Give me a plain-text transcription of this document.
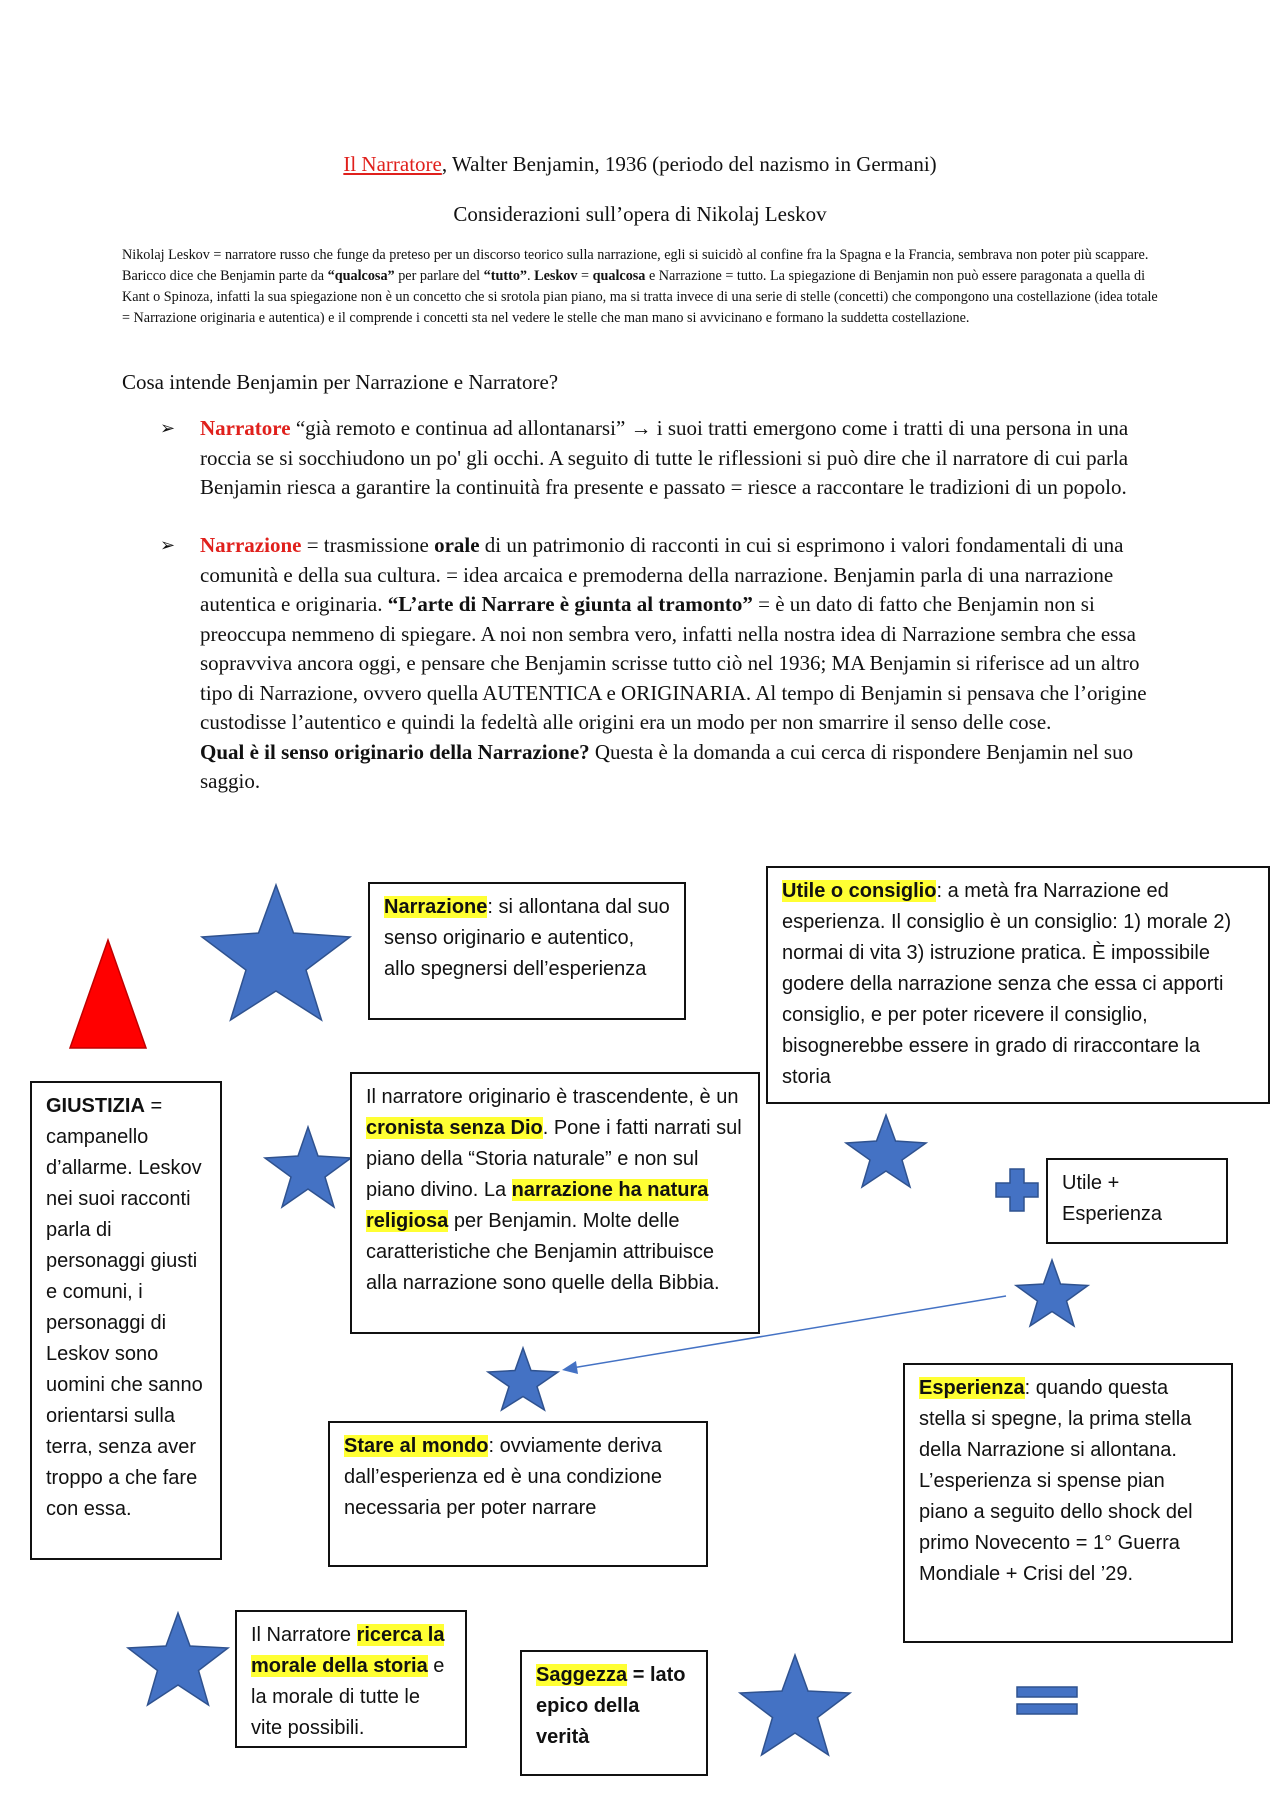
Il Narratore, Walter Benjamin, 1936 (periodo del nazismo in Germani)
Considerazioni sull’opera di Nikolaj Leskov
Nikolaj Leskov = narratore russo che funge da preteso per un discorso teorico sulla narrazione, egli si suicidò al confine fra la Spagna e la Francia, sembrava non poter più scappare. Baricco dice che Benjamin parte da “qualcosa” per parlare del “tutto”. Leskov = qualcosa e Narrazione = tutto. La spiegazione di Benjamin non può essere paragonata a quella di Kant o Spinoza, infatti la sua spiegazione non è un concetto che si srotola pian piano, ma si tratta invece di una serie di stelle (concetti) che compongono una costellazione (idea totale = Narrazione originaria e autentica) e il comprende i concetti sta nel vedere le stelle che man mano si avvicinano e formano la suddetta costellazione.
Cosa intende Benjamin per Narrazione e Narratore?
➢ Narratore “già remoto e continua ad allontanarsi” → i suoi tratti emergono come i tratti di una persona in una roccia se si socchiudono un po' gli occhi. A seguito di tutte le riflessioni si può dire che il narratore di cui parla Benjamin riesca a garantire la continuità fra presente e passato = riesce a raccontare le tradizioni di un popolo.
➢ Narrazione = trasmissione orale di un patrimonio di racconti in cui si esprimono i valori fondamentali di una comunità e della sua cultura. = idea arcaica e premoderna della narrazione. Benjamin parla di una narrazione autentica e originaria. “L’arte di Narrare è giunta al tramonto” = è un dato di fatto che Benjamin non si preoccupa nemmeno di spiegare. A noi non sembra vero, infatti nella nostra idea di Narrazione sembra che essa sopravviva ancora oggi, e pensare che Benjamin scrisse tutto ciò nel 1936; MA Benjamin si riferisce ad un altro tipo di Narrazione, ovvero quella AUTENTICA e ORIGINARIA. Al tempo di Benjamin si pensava che l’origine custodisse l’autentico e quindi la fedeltà alle origini era un modo per non smarrire il senso delle cose.
Qual è il senso originario della Narrazione? Questa è la domanda a cui cerca di rispondere Benjamin nel suo saggio.
Narrazione: si allontana dal suo senso originario e autentico, allo spegnersi dell’esperienza
Utile o consiglio: a metà fra Narrazione ed esperienza. Il consiglio è un consiglio: 1) morale 2) normai di vita 3) istruzione pratica. È impossibile godere della narrazione senza che essa ci apporti consiglio, e per poter ricevere il consiglio, bisognerebbe essere in grado di riraccontare la storia
GIUSTIZIA = campanello d’allarme. Leskov nei suoi racconti parla di personaggi giusti e comuni, i personaggi di Leskov sono uomini che sanno orientarsi sulla terra, senza aver troppo a che fare con essa.
Il narratore originario è trascendente, è un cronista senza Dio. Pone i fatti narrati sul piano della “Storia naturale” e non sul piano divino. La narrazione ha natura religiosa per Benjamin. Molte delle caratteristiche che Benjamin attribuisce alla narrazione sono quelle della Bibbia.
Utile + Esperienza
Esperienza: quando questa stella si spegne, la prima stella della Narrazione si allontana. L’esperienza si spense pian piano a seguito dello shock del primo Novecento = 1° Guerra Mondiale + Crisi del ’29.
Stare al mondo: ovviamente deriva dall’esperienza ed è una condizione necessaria per poter narrare
Il Narratore ricerca la morale della storia e la morale di tutte le vite possibili.
Saggezza = lato epico della verità
